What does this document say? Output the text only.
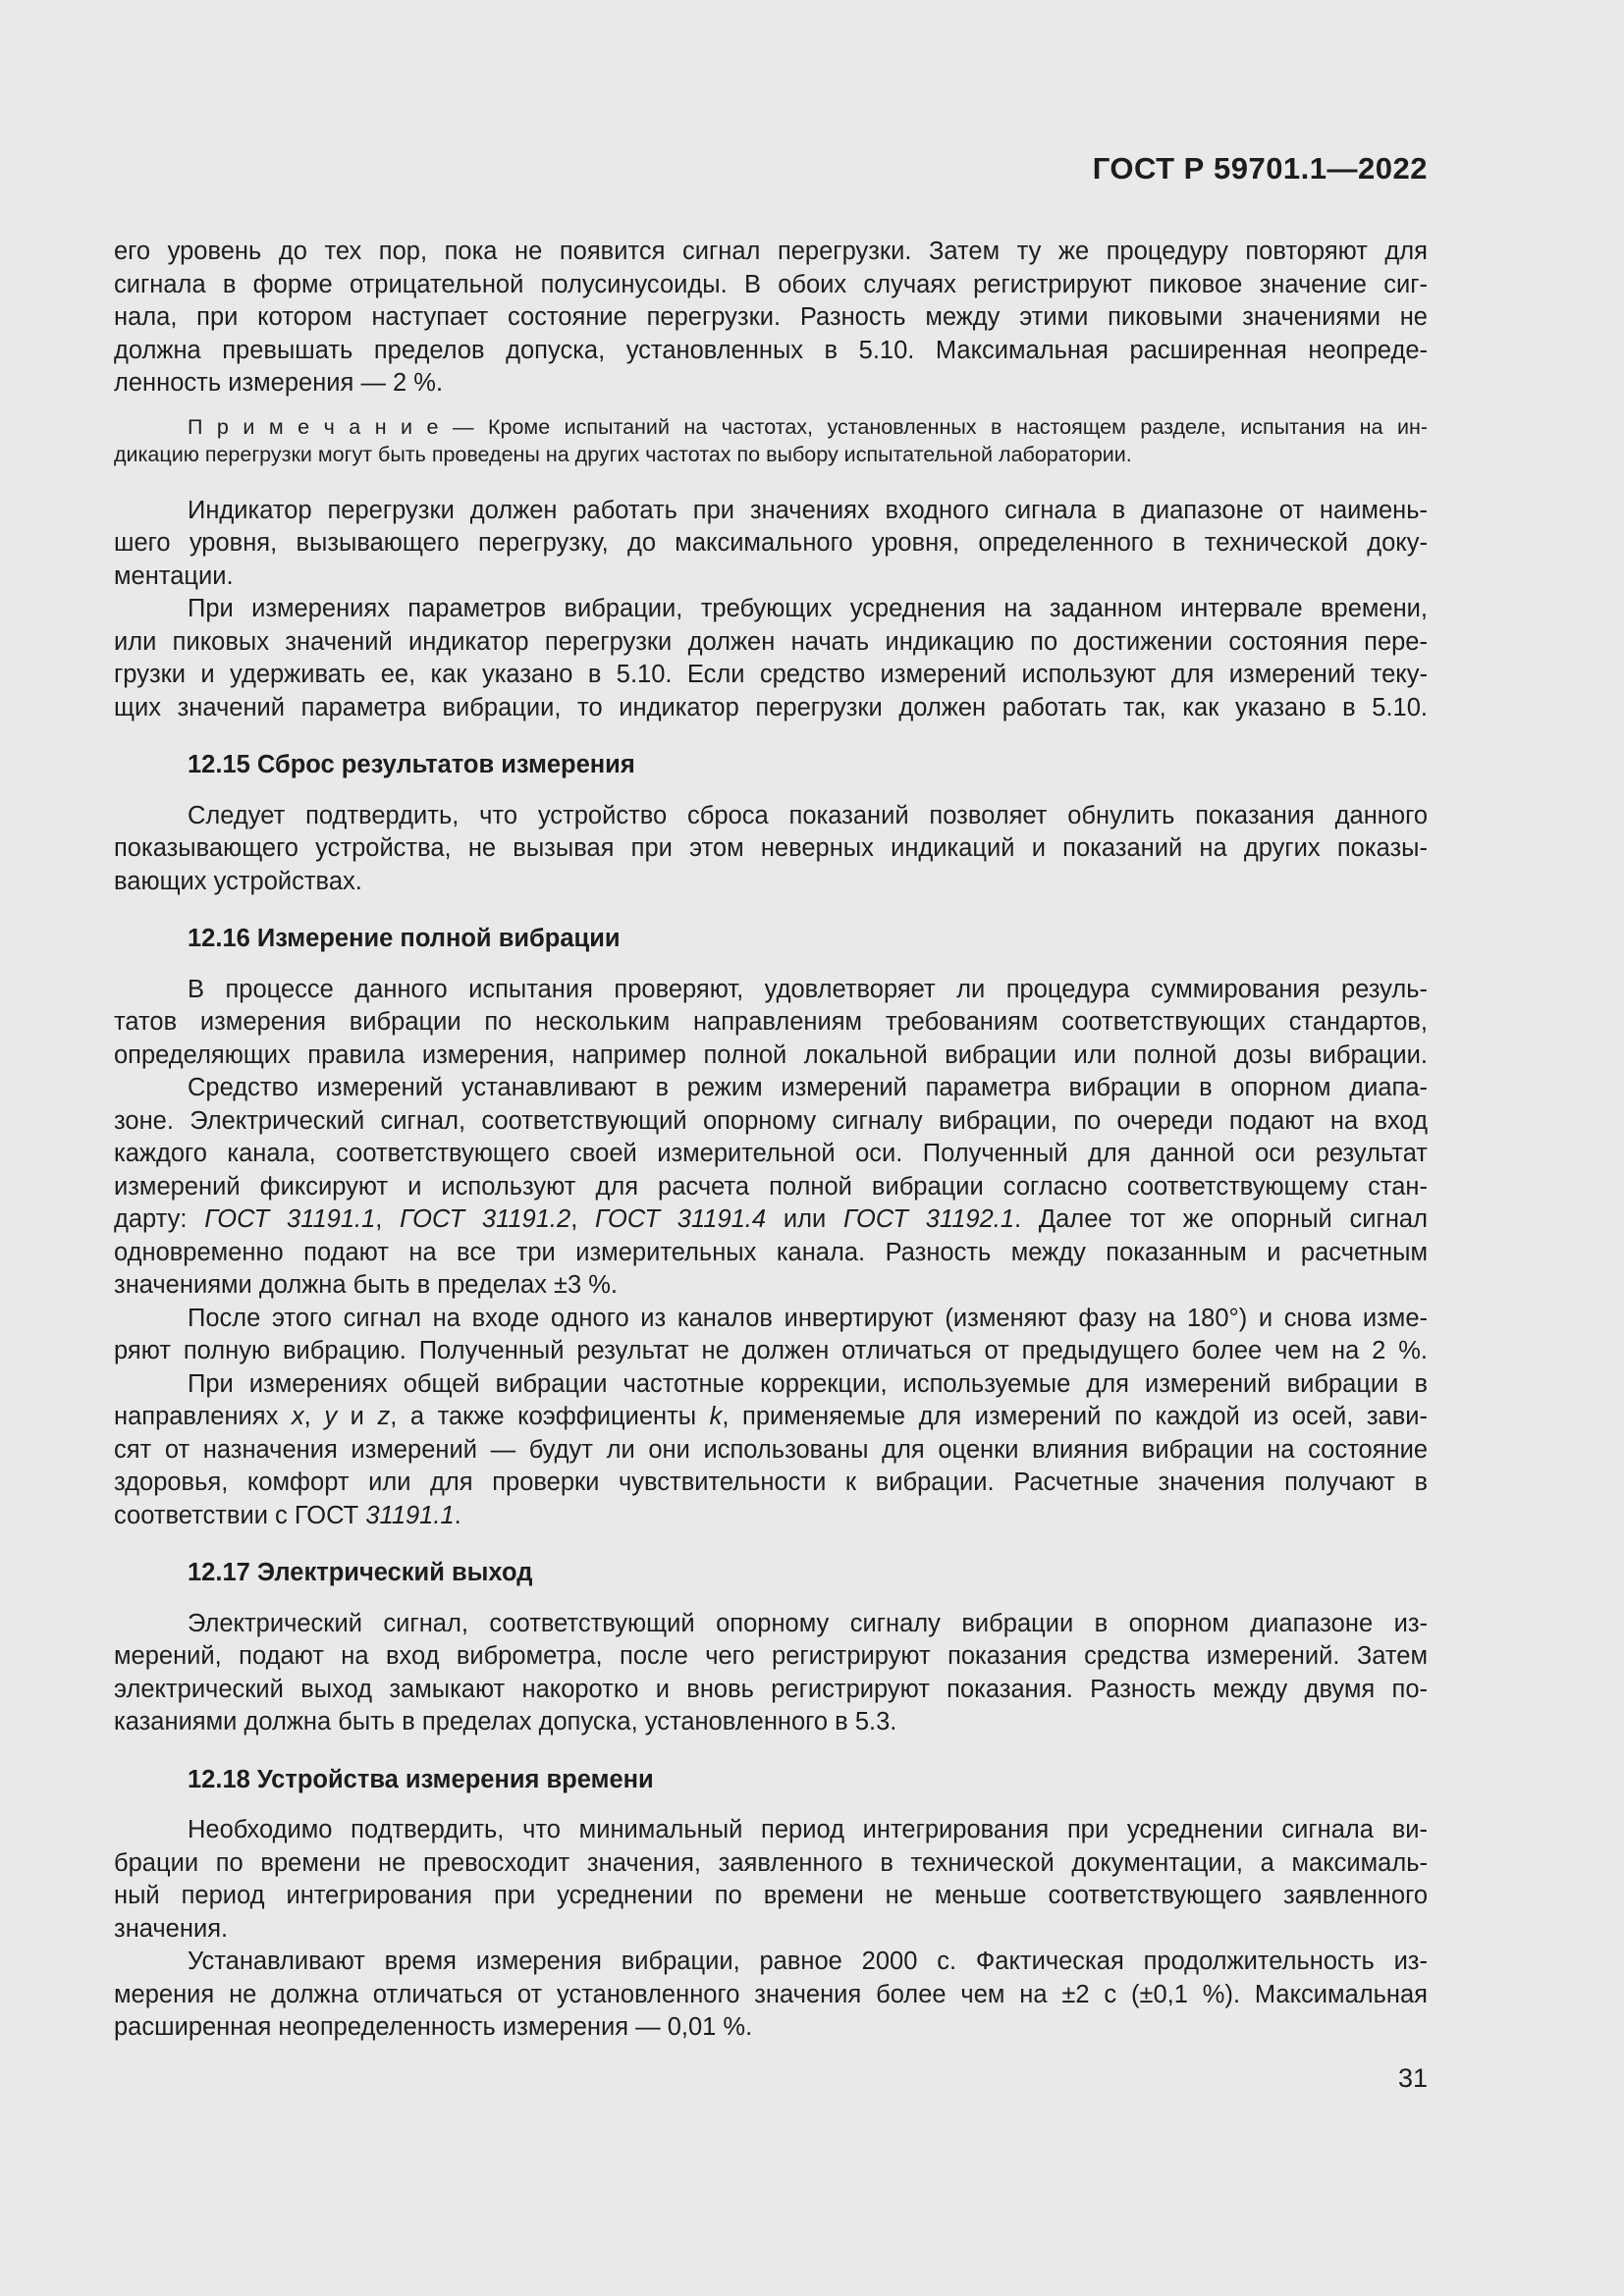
ГОСТ Р 59701.1—2022
его уровень до тех пор, пока не появится сигнал перегрузки. Затем ту же процедуру повторяют для
сигнала в форме отрицательной полусинусоиды. В обоих случаях регистрируют пиковое значение сиг-
нала, при котором наступает состояние перегрузки. Разность между этими пиковыми значениями не
должна превышать пределов допуска, установленных в 5.10. Максимальная расширенная неопреде-
ленность измерения — 2 %.
П р и м е ч а н и е — Кроме испытаний на частотах, установленных в настоящем разделе, испытания на ин-
дикацию перегрузки могут быть проведены на других частотах по выбору испытательной лаборатории.
Индикатор перегрузки должен работать при значениях входного сигнала в диапазоне от наимень-
шего уровня, вызывающего перегрузку, до максимального уровня, определенного в технической доку-
ментации.
При измерениях параметров вибрации, требующих усреднения на заданном интервале времени,
или пиковых значений индикатор перегрузки должен начать индикацию по достижении состояния пере-
грузки и удерживать ее, как указано в 5.10. Если средство измерений используют для измерений теку-
щих значений параметра вибрации, то индикатор перегрузки должен работать так, как указано в 5.10.
12.15 Сброс результатов измерения
Следует подтвердить, что устройство сброса показаний позволяет обнулить показания данного
показывающего устройства, не вызывая при этом неверных индикаций и показаний на других показы-
вающих устройствах.
12.16 Измерение полной вибрации
В процессе данного испытания проверяют, удовлетворяет ли процедура суммирования резуль-
татов измерения вибрации по нескольким направлениям требованиям соответствующих стандартов,
определяющих правила измерения, например полной локальной вибрации или полной дозы вибрации.
Средство измерений устанавливают в режим измерений параметра вибрации в опорном диапа-
зоне. Электрический сигнал, соответствующий опорному сигналу вибрации, по очереди подают на вход
каждого канала, соответствующего своей измерительной оси. Полученный для данной оси результат
измерений фиксируют и используют для расчета полной вибрации согласно соответствующему стан-
дарту: ГОСТ 31191.1, ГОСТ 31191.2, ГОСТ 31191.4 или ГОСТ 31192.1. Далее тот же опорный сигнал
одновременно подают на все три измерительных канала. Разность между показанным и расчетным
значениями должна быть в пределах ±3 %.
После этого сигнал на входе одного из каналов инвертируют (изменяют фазу на 180°) и снова изме-
ряют полную вибрацию. Полученный результат не должен отличаться от предыдущего более чем на 2 %.
При измерениях общей вибрации частотные коррекции, используемые для измерений вибрации в
направлениях x, y и z, а также коэффициенты k, применяемые для измерений по каждой из осей, зави-
сят от назначения измерений — будут ли они использованы для оценки влияния вибрации на состояние
здоровья, комфорт или для проверки чувствительности к вибрации. Расчетные значения получают в
соответствии с ГОСТ 31191.1.
12.17 Электрический выход
Электрический сигнал, соответствующий опорному сигналу вибрации в опорном диапазоне из-
мерений, подают на вход виброметра, после чего регистрируют показания средства измерений. Затем
электрический выход замыкают накоротко и вновь регистрируют показания. Разность между двумя по-
казаниями должна быть в пределах допуска, установленного в 5.3.
12.18 Устройства измерения времени
Необходимо подтвердить, что минимальный период интегрирования при усреднении сигнала ви-
брации по времени не превосходит значения, заявленного в технической документации, а максималь-
ный период интегрирования при усреднении по времени не меньше соответствующего заявленного
значения.
Устанавливают время измерения вибрации, равное 2000 с. Фактическая продолжительность из-
мерения не должна отличаться от установленного значения более чем на ±2 с (±0,1 %). Максимальная
расширенная неопределенность измерения — 0,01 %.
31
